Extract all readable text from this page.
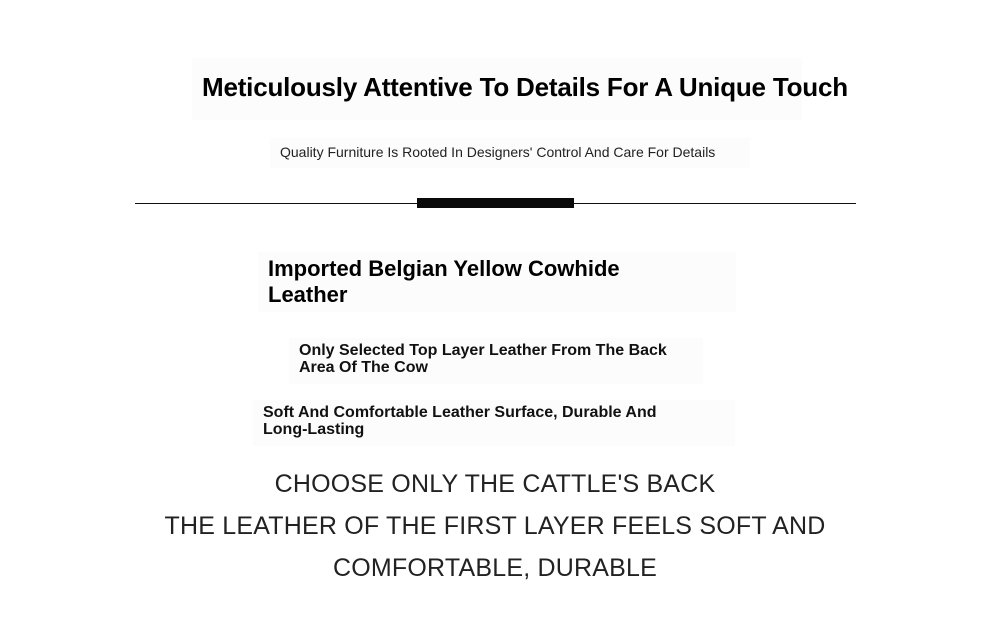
Meticulously Attentive To Details For A Unique Touch

Quality Furniture Is Rooted In Designers' Control And Care For Details

Imported Belgian Yellow Cowhide Leather

Only Selected Top Layer Leather From The Back Area Of The Cow

Soft And Comfortable Leather Surface, Durable And Long-Lasting

CHOOSE ONLY THE CATTLE'S BACK

THE LEATHER OF THE FIRST LAYER FEELS SOFT AND

COMFORTABLE, DURABLE
